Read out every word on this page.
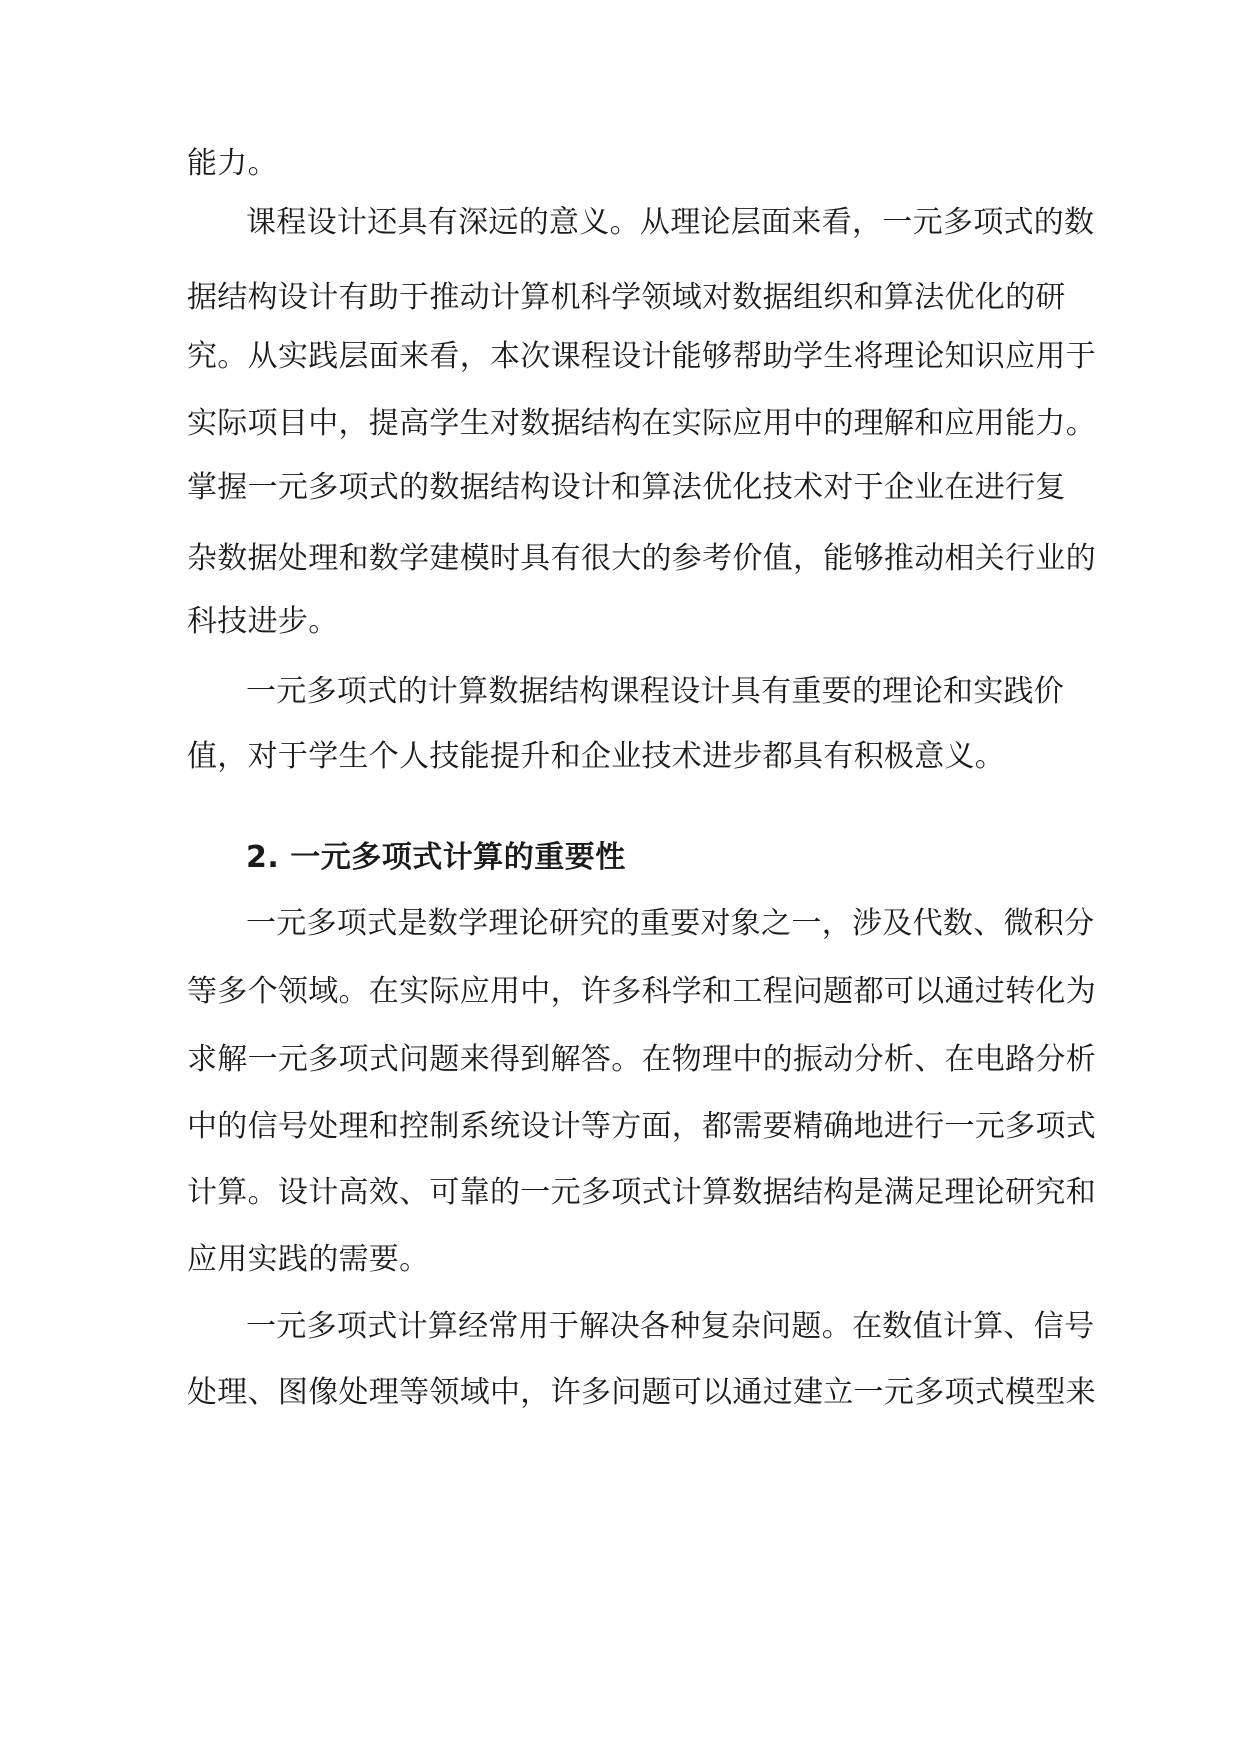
能力。
课程设计还具有深远的意义。从理论层面来看，一元多项式的数
据结构设计有助于推动计算机科学领域对数据组织和算法优化的研
究。从实践层面来看，本次课程设计能够帮助学生将理论知识应用于
实际项目中，提高学生对数据结构在实际应用中的理解和应用能力。
掌握一元多项式的数据结构设计和算法优化技术对于企业在进行复
杂数据处理和数学建模时具有很大的参考价值，能够推动相关行业的
科技进步。
一元多项式的计算数据结构课程设计具有重要的理论和实践价
值，对于学生个人技能提升和企业技术进步都具有积极意义。
2. 一元多项式计算的重要性
一元多项式是数学理论研究的重要对象之一，涉及代数、微积分
等多个领域。在实际应用中，许多科学和工程问题都可以通过转化为
求解一元多项式问题来得到解答。在物理中的振动分析、在电路分析
中的信号处理和控制系统设计等方面，都需要精确地进行一元多项式
计算。设计高效、可靠的一元多项式计算数据结构是满足理论研究和
应用实践的需要。
一元多项式计算经常用于解决各种复杂问题。在数值计算、信号
处理、图像处理等领域中，许多问题可以通过建立一元多项式模型来
